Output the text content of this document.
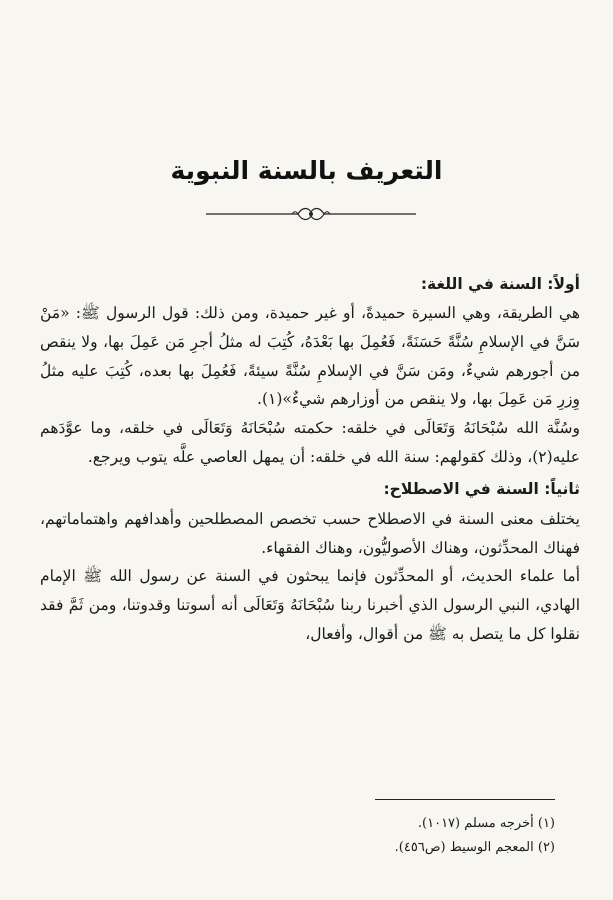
التعريف بالسنة النبوية
أولاً: السنة في اللغة:

هي الطريقة، وهي السيرة حميدةً، أو غير حميدة، ومن ذلك: قول الرسول ﷺ: «مَنْ سَنَّ في الإسلامِ سُنَّةً حَسَنَةً، فَعُمِلَ بها بَعْدَهُ، كُتِبَ له مثلُ أجرِ مَن عَمِلَ بها، ولا ينقص من أجورهم شيءٌ، ومَن سَنَّ في الإسلامِ سُنَّةً سيئةً، فَعُمِلَ بها بعده، كُتِبَ عليه مثلُ وِزرِ مَن عَمِلَ بها، ولا ينقص من أوزارهم شيءٌ»(١).

وسُنَّة الله سُبْحَانَهُ وَتَعَالَى في خلقه: حكمته سُبْحَانَهُ وَتَعَالَى في خلقه، وما عوَّدَهم عليه(٢)، وذلك كقولهم: سنة الله في خلقه: أن يمهل العاصي علَّه يتوب ويرجع.

ثانياً: السنة في الاصطلاح:

يختلف معنى السنة في الاصطلاح حسب تخصص المصطلحين وأهدافهم واهتماماتهم، فهناك المحدِّثون، وهناك الأصوليُّون، وهناك الفقهاء.

أما علماء الحديث، أو المحدِّثون فإنما يبحثون في السنة عن رسول الله ﷺ الإمام الهادي، النبي الرسول الذي أخبرنا ربنا سُبْحَانَهُ وَتَعَالَى أنه أسوتنا وقدوتنا، ومن ثَمَّ فقد نقلوا كل ما يتصل به ﷺ من أقوال، وأفعال،

(١) أخرجه مسلم (١٠١٧).
(٢) المعجم الوسيط (ص٤٥٦).
